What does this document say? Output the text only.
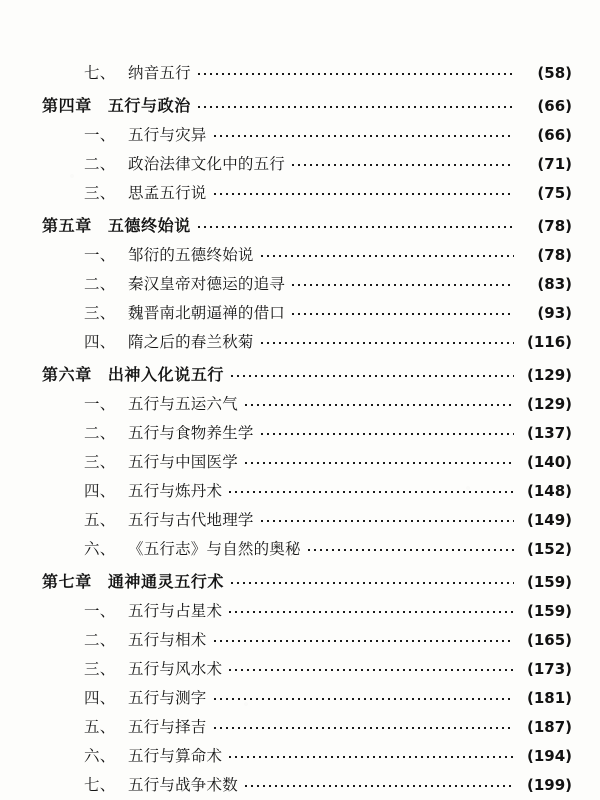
七、 纳音五行	(58)
第四章 五行与政治	(66)
一、 五行与灾异	(66)
二、 政治法律文化中的五行	(71)
三、 思孟五行说	(75)
第五章 五德终始说	(78)
一、 邹衍的五德终始说	(78)
二、 秦汉皇帝对德运的追寻	(83)
三、 魏晋南北朝逼禅的借口	(93)
四、 隋之后的春兰秋菊	(116)
第六章 出神入化说五行	(129)
一、 五行与五运六气	(129)
二、 五行与食物养生学	(137)
三、 五行与中国医学	(140)
四、 五行与炼丹术	(148)
五、 五行与古代地理学	(149)
六、 《五行志》与自然的奥秘	(152)
第七章 通神通灵五行术	(159)
一、 五行与占星术	(159)
二、 五行与相术	(165)
三、 五行与风水术	(173)
四、 五行与测字	(181)
五、 五行与择吉	(187)
六、 五行与算命术	(194)
七、 五行与战争术数	(199)
